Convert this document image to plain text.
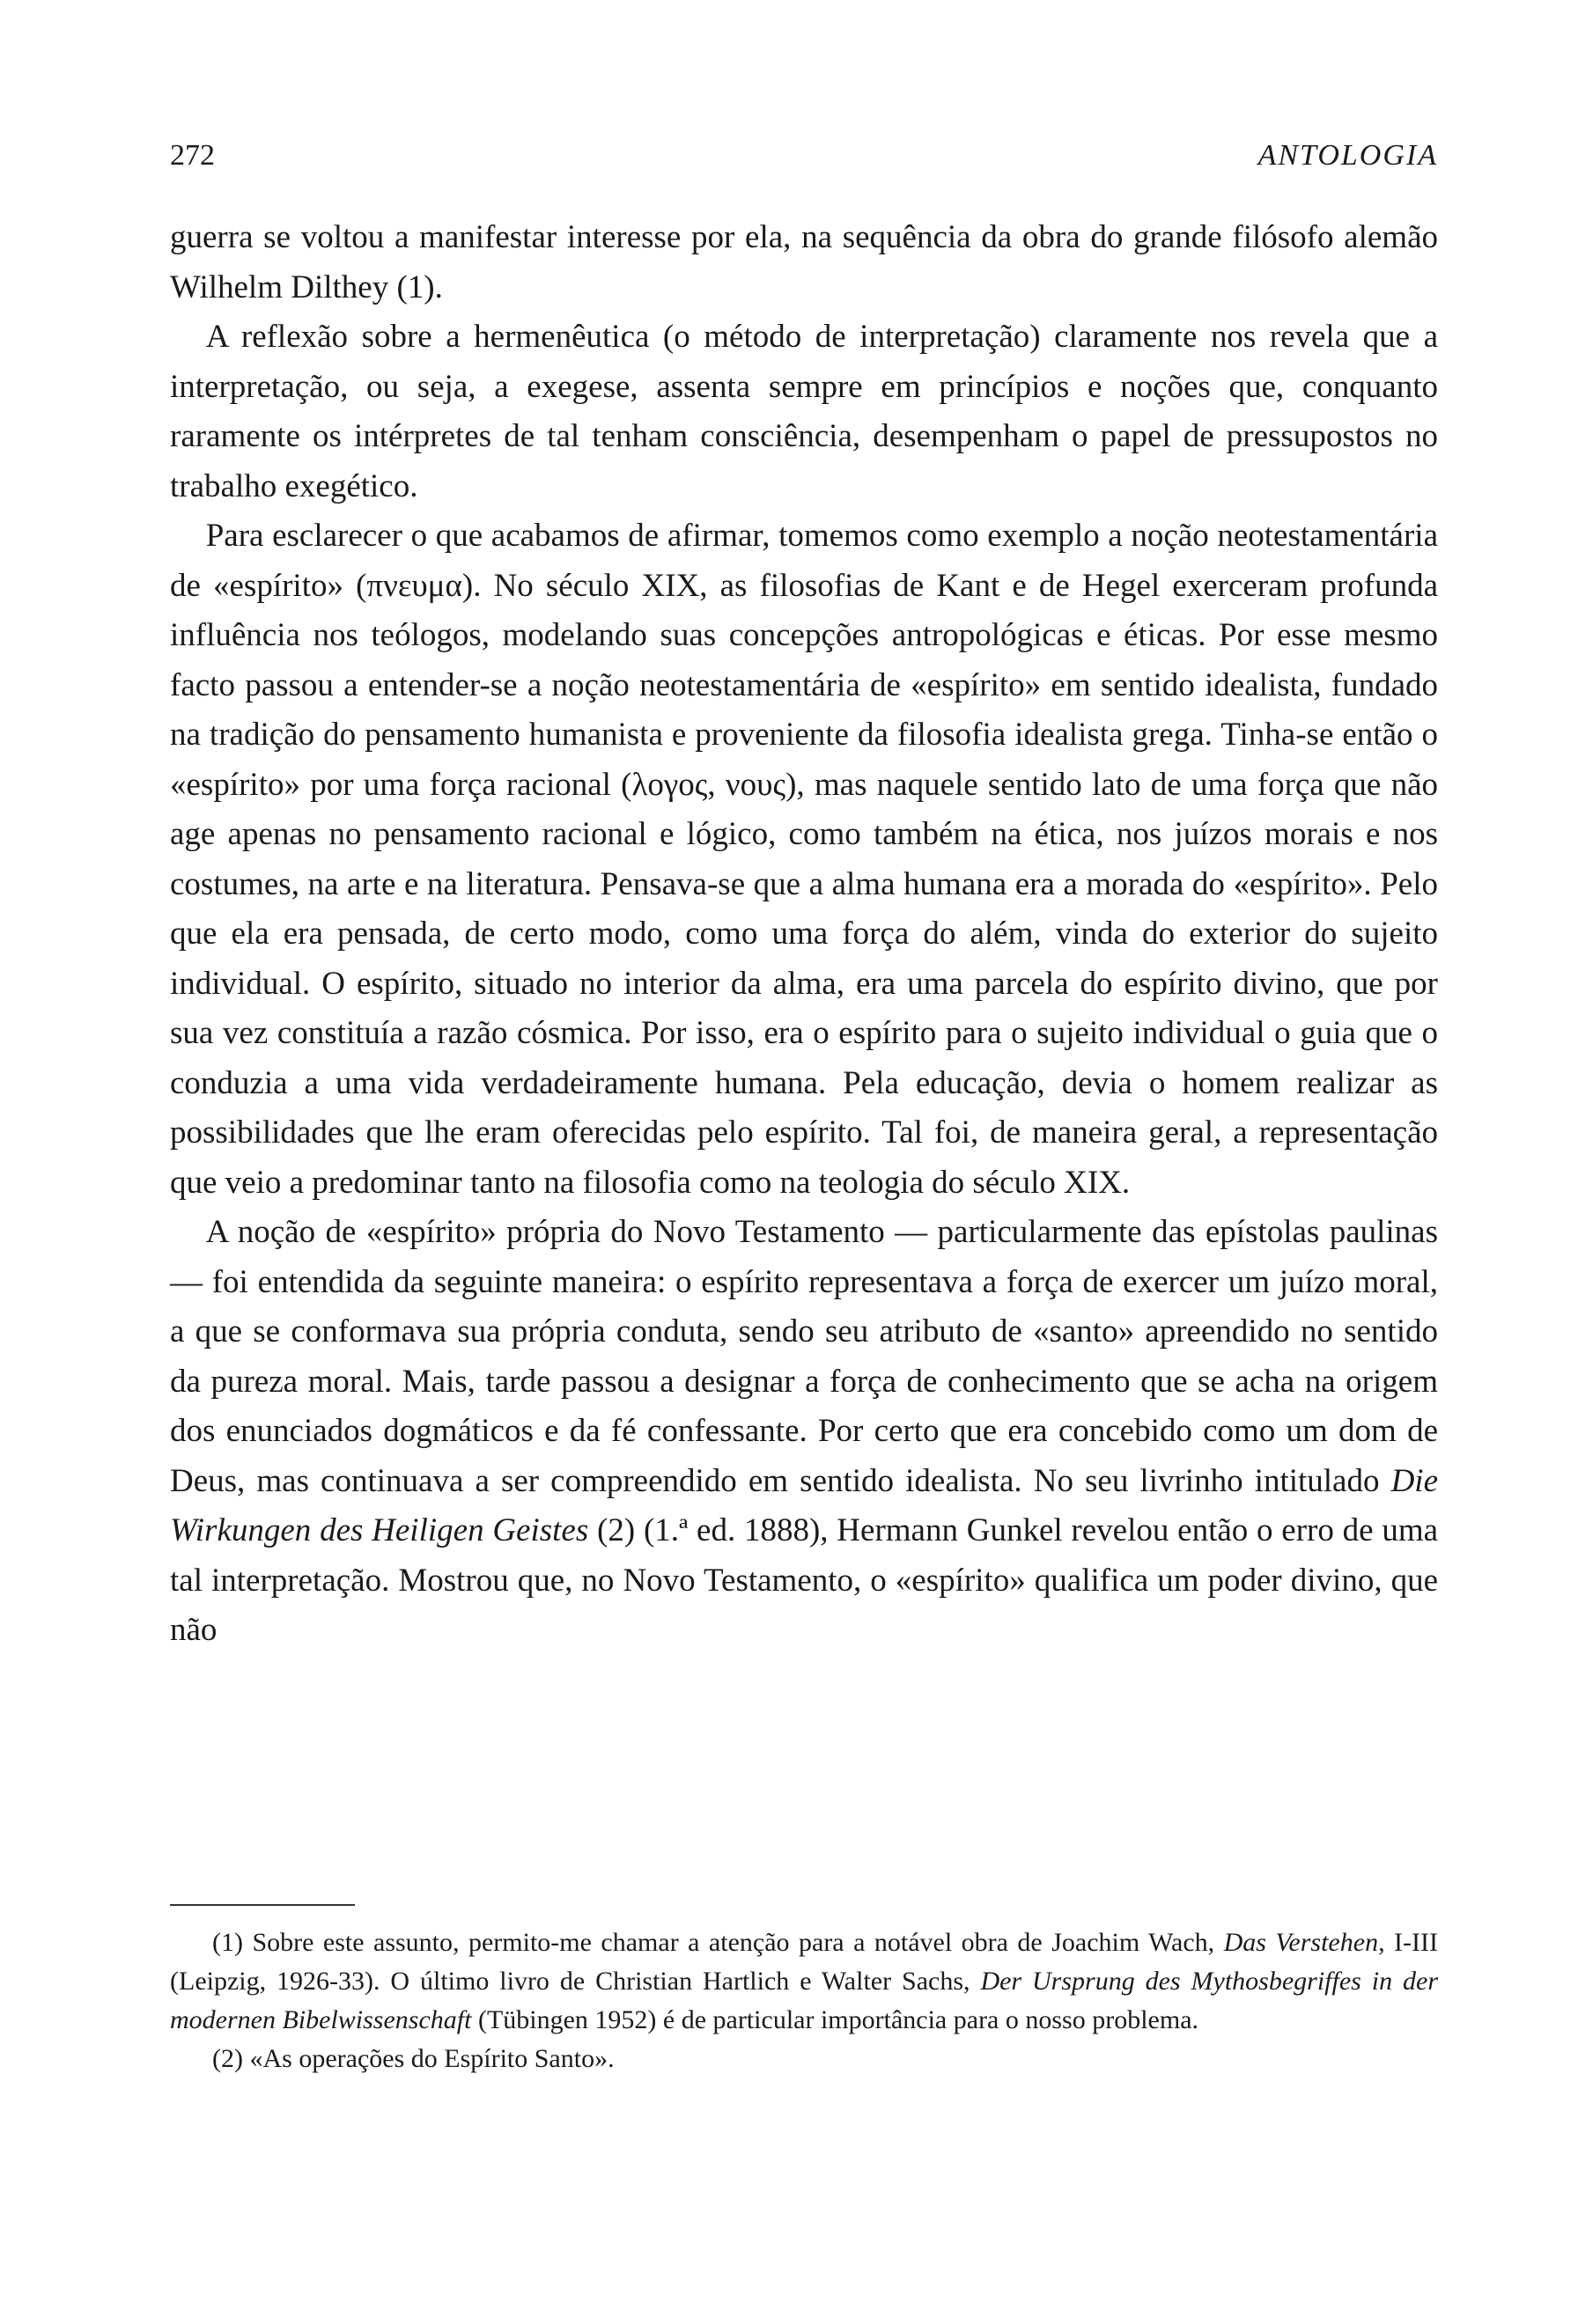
272	ANTOLOGIA

guerra se voltou a manifestar interesse por ela, na sequência da obra do grande filósofo alemão Wilhelm Dilthey (1).

A reflexão sobre a hermenêutica (o método de interpretação) claramente nos revela que a interpretação, ou seja, a exegese, assenta sempre em princípios e noções que, conquanto raramente os intérpretes de tal tenham consciência, desempenham o papel de pressupostos no trabalho exegético.

Para esclarecer o que acabamos de afirmar, tomemos como exemplo a noção neotestamentária de «espírito» (πνευμα). No século XIX, as filosofias de Kant e de Hegel exerceram profunda influência nos teólogos, modelando suas concepções antropológicas e éticas. Por esse mesmo facto passou a entender-se a noção neotestamentária de «espírito» em sentido idealista, fundado na tradição do pensamento humanista e proveniente da filosofia idealista grega. Tinha-se então o «espírito» por uma força racional (λογος, νους), mas naquele sentido lato de uma força que não age apenas no pensamento racional e lógico, como também na ética, nos juízos morais e nos costumes, na arte e na literatura. Pensava-se que a alma humana era a morada do «espírito». Pelo que ela era pensada, de certo modo, como uma força do além, vinda do exterior do sujeito individual. O espírito, situado no interior da alma, era uma parcela do espírito divino, que por sua vez constituía a razão cósmica. Por isso, era o espírito para o sujeito individual o guia que o conduzia a uma vida verdadeiramente humana. Pela educação, devia o homem realizar as possibilidades que lhe eram oferecidas pelo espírito. Tal foi, de maneira geral, a representação que veio a predominar tanto na filosofia como na teologia do século XIX.

A noção de «espírito» própria do Novo Testamento — particularmente das epístolas paulinas — foi entendida da seguinte maneira: o espírito representava a força de exercer um juízo moral, a que se conformava sua própria conduta, sendo seu atributo de «santo» apreendido no sentido da pureza moral. Mais, tarde passou a designar a força de conhecimento que se acha na origem dos enunciados dogmáticos e da fé confessante. Por certo que era concebido como um dom de Deus, mas continuava a ser compreendido em sentido idealista. No seu livrinho intitulado Die Wirkungen des Heiligen Geistes (2) (1.ª ed. 1888), Hermann Gunkel revelou então o erro de uma tal interpretação. Mostrou que, no Novo Testamento, o «espírito» qualifica um poder divino, que não

(1) Sobre este assunto, permito-me chamar a atenção para a notável obra de Joachim Wach, Das Verstehen, I-III (Leipzig, 1926-33). O último livro de Christian Hartlich e Walter Sachs, Der Ursprung des Mythosbegriffes in der modernen Bibelwissenschaft (Tübingen 1952) é de particular importância para o nosso problema.

(2) «As operações do Espírito Santo».
